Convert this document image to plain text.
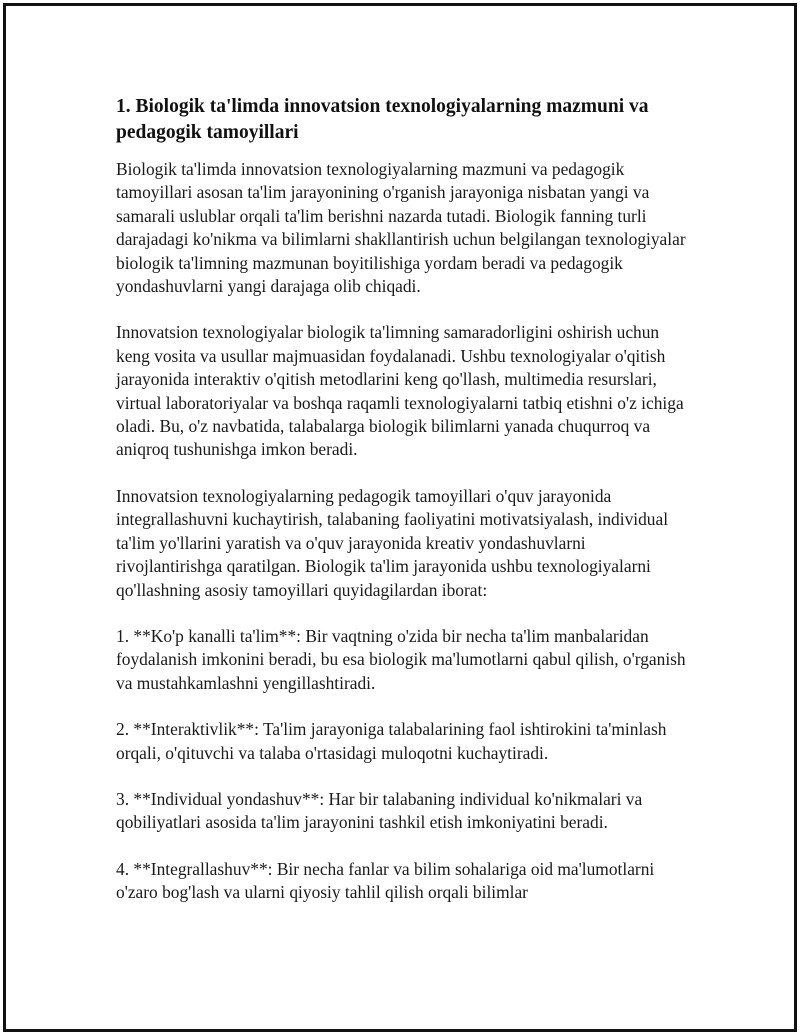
1. Biologik ta'limda innovatsion texnologiyalarning mazmuni va pedagogik tamoyillari

Biologik ta'limda innovatsion texnologiyalarning mazmuni va pedagogik tamoyillari asosan ta'lim jarayonining o'rganish jarayoniga nisbatan yangi va samarali uslublar orqali ta'lim berishni nazarda tutadi. Biologik fanning turli darajadagi ko'nikma va bilimlarni shakllantirish uchun belgilangan texnologiyalar biologik ta'limning mazmunan boyitilishiga yordam beradi va pedagogik yondashuvlarni yangi darajaga olib chiqadi.

Innovatsion texnologiyalar biologik ta'limning samaradorligini oshirish uchun keng vosita va usullar majmuasidan foydalanadi. Ushbu texnologiyalar o'qitish jarayonida interaktiv o'qitish metodlarini keng qo'llash, multimedia resurslari, virtual laboratoriyalar va boshqa raqamli texnologiyalarni tatbiq etishni o'z ichiga oladi. Bu, o'z navbatida, talabalarga biologik bilimlarni yanada chuqurroq va aniqroq tushunishga imkon beradi.

Innovatsion texnologiyalarning pedagogik tamoyillari o'quv jarayonida integrallashuvni kuchaytirish, talabaning faoliyatini motivatsiyalash, individual ta'lim yo'llarini yaratish va o'quv jarayonida kreativ yondashuvlarni rivojlantirishga qaratilgan. Biologik ta'lim jarayonida ushbu texnologiyalarni qo'llashning asosiy tamoyillari quyidagilardan iborat:

1. **Ko'p kanalli ta'lim**: Bir vaqtning o'zida bir necha ta'lim manbalaridan foydalanish imkonini beradi, bu esa biologik ma'lumotlarni qabul qilish, o'rganish va mustahkamlashni yengillashtiradi.

2. **Interaktivlik**: Ta'lim jarayoniga talabalarining faol ishtirokini ta'minlash orqali, o'qituvchi va talaba o'rtasidagi muloqotni kuchaytiradi.

3. **Individual yondashuv**: Har bir talabaning individual ko'nikmalari va qobiliyatlari asosida ta'lim jarayonini tashkil etish imkoniyatini beradi.

4. **Integrallashuv**: Bir necha fanlar va bilim sohalariga oid ma'lumotlarni o'zaro bog'lash va ularni qiyosiy tahlil qilish orqali bilimlar
